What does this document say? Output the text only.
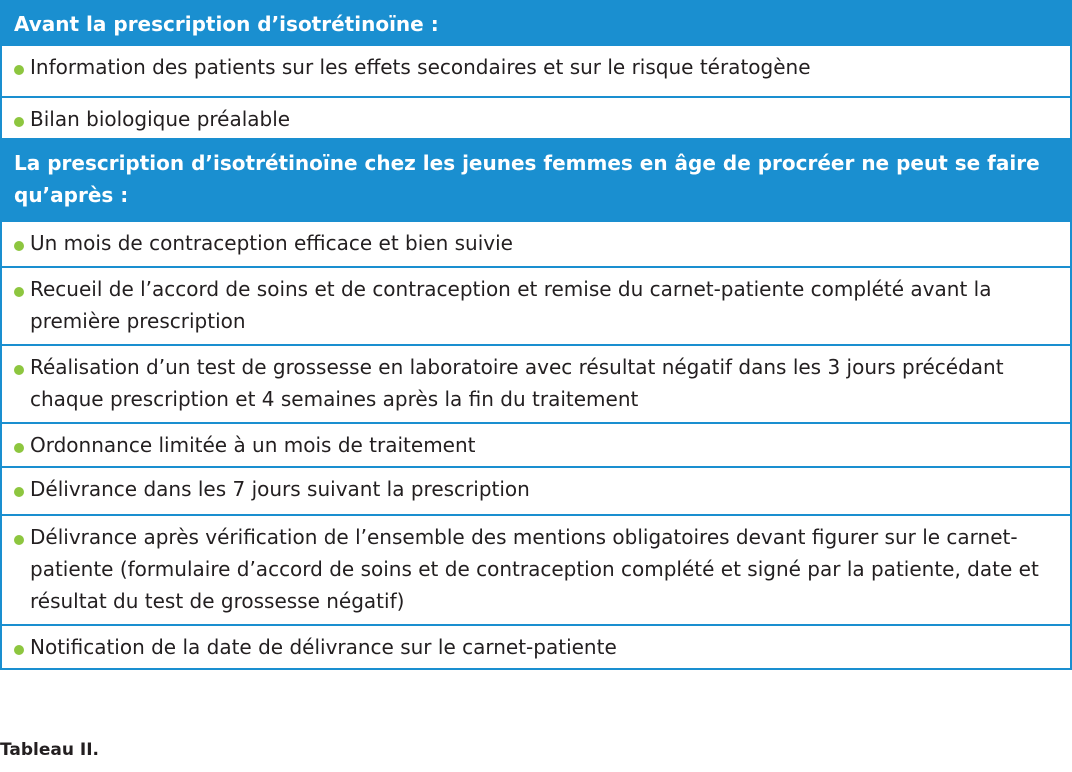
Avant la prescription d’isotrétinoïne :
Information des patients sur les effets secondaires et sur le risque tératogène
Bilan biologique préalable
La prescription d’isotrétinoïne chez les jeunes femmes en âge de procréer ne peut se faire qu’après :
Un mois de contraception efficace et bien suivie
Recueil de l’accord de soins et de contraception et remise du carnet-patiente complété avant la première prescription
Réalisation d’un test de grossesse en laboratoire avec résultat négatif dans les 3 jours précédant chaque prescription et 4 semaines après la fin du traitement
Ordonnance limitée à un mois de traitement
Délivrance dans les 7 jours suivant la prescription
Délivrance après vérification de l’ensemble des mentions obligatoires devant figurer sur le carnet-patiente (formulaire d’accord de soins et de contraception complété et signé par la patiente, date et résultat du test de grossesse négatif)
Notification de la date de délivrance sur le carnet-patiente
Tableau II.
